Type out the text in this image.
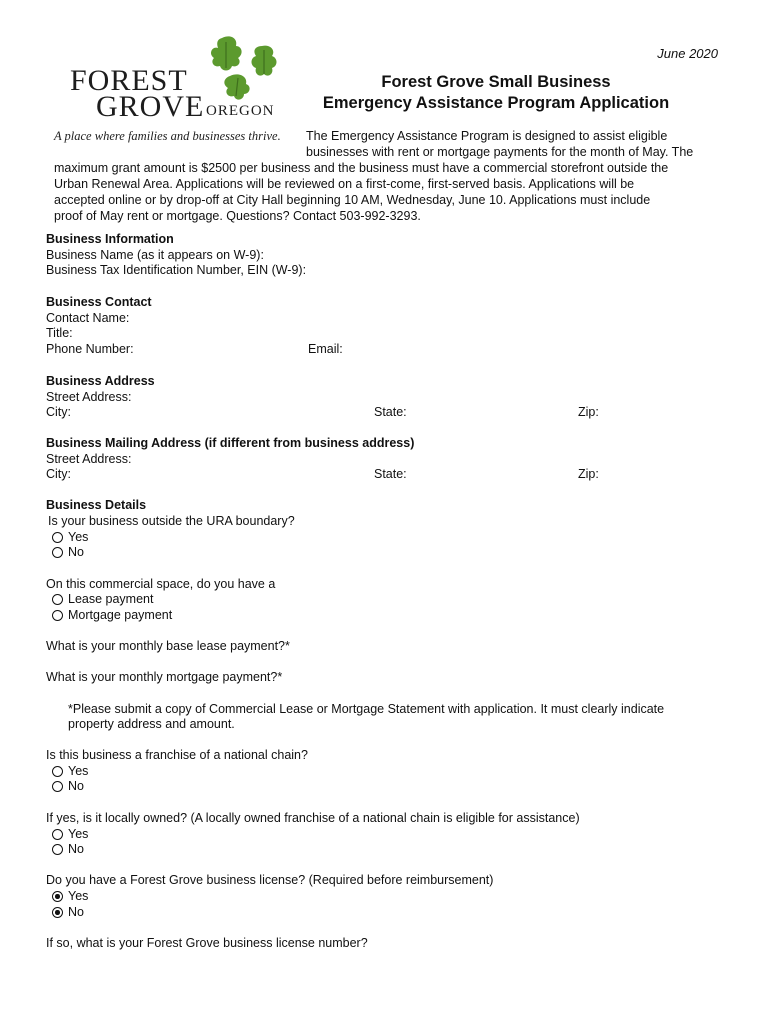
June 2020
FOREST
GROVE OREGON
A place where families and businesses thrive.
Forest Grove Small Business
Emergency Assistance Program Application
The Emergency Assistance Program is designed to assist eligible
businesses with rent or mortgage payments for the month of May. The
maximum grant amount is $2500 per business and the business must have a commercial storefront outside the
Urban Renewal Area. Applications will be reviewed on a first-come, first-served basis. Applications will be
accepted online or by drop-off at City Hall beginning 10 AM, Wednesday, June 10. Applications must include
proof of May rent or mortgage. Questions? Contact 503-992-3293.
Business Information
Business Name (as it appears on W-9):
Business Tax Identification Number, EIN (W-9):
Business Contact
Contact Name:
Title:
Phone Number:	Email:
Business Address
Street Address:
City:	State:	Zip:
Business Mailing Address (if different from business address)
Street Address:
City:	State:	Zip:
Business Details
Is your business outside the URA boundary?
Yes
No
On this commercial space, do you have a
Lease payment
Mortgage payment
What is your monthly base lease payment?*
What is your monthly mortgage payment?*
*Please submit a copy of Commercial Lease or Mortgage Statement with application. It must clearly indicate
property address and amount.
Is this business a franchise of a national chain?
Yes
No
If yes, is it locally owned? (A locally owned franchise of a national chain is eligible for assistance)
Yes
No
Do you have a Forest Grove business license? (Required before reimbursement)
Yes
No
If so, what is your Forest Grove business license number?
